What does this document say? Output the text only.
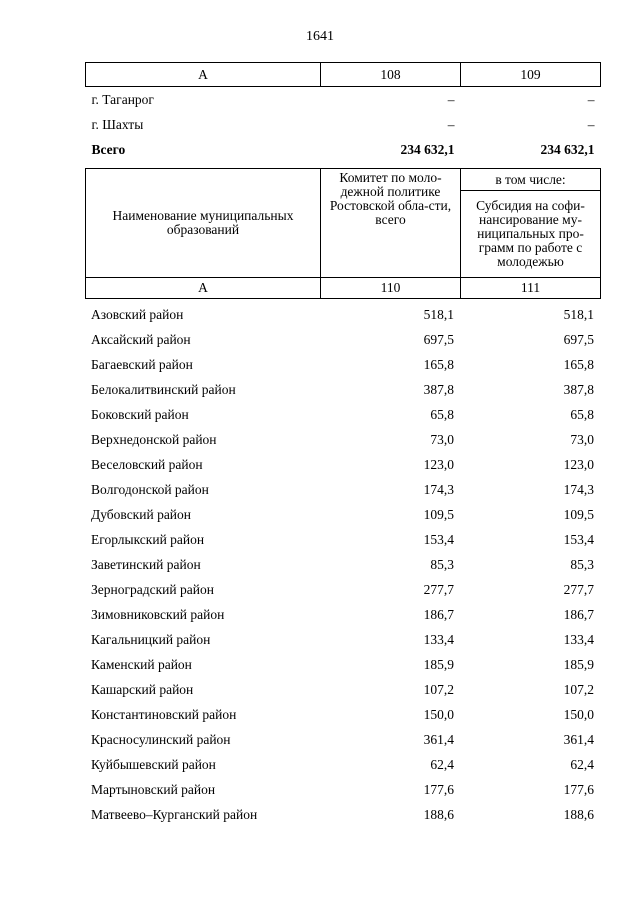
1641
А	108	109
г. Таганрог	–	–
г. Шахты	–	–
Всего	234 632,1	234 632,1
Наименование муниципальных образований	Комитет по моло-дежной политике Ростовской обла-сти, всего	в том числе:
		Субсидия на софи-нансирование му-ниципальных про-грамм по работе с молодежью
А	110	111
Азовский район	518,1	518,1
Аксайский район	697,5	697,5
Багаевский район	165,8	165,8
Белокалитвинский район	387,8	387,8
Боковский район	65,8	65,8
Верхнедонской район	73,0	73,0
Веселовский район	123,0	123,0
Волгодонской район	174,3	174,3
Дубовский район	109,5	109,5
Егорлыкский район	153,4	153,4
Заветинский район	85,3	85,3
Зерноградский район	277,7	277,7
Зимовниковский район	186,7	186,7
Кагальницкий район	133,4	133,4
Каменский район	185,9	185,9
Кашарский район	107,2	107,2
Константиновский район	150,0	150,0
Красносулинский район	361,4	361,4
Куйбышевский район	62,4	62,4
Мартыновский район	177,6	177,6
Матвеево–Курганский район	188,6	188,6
